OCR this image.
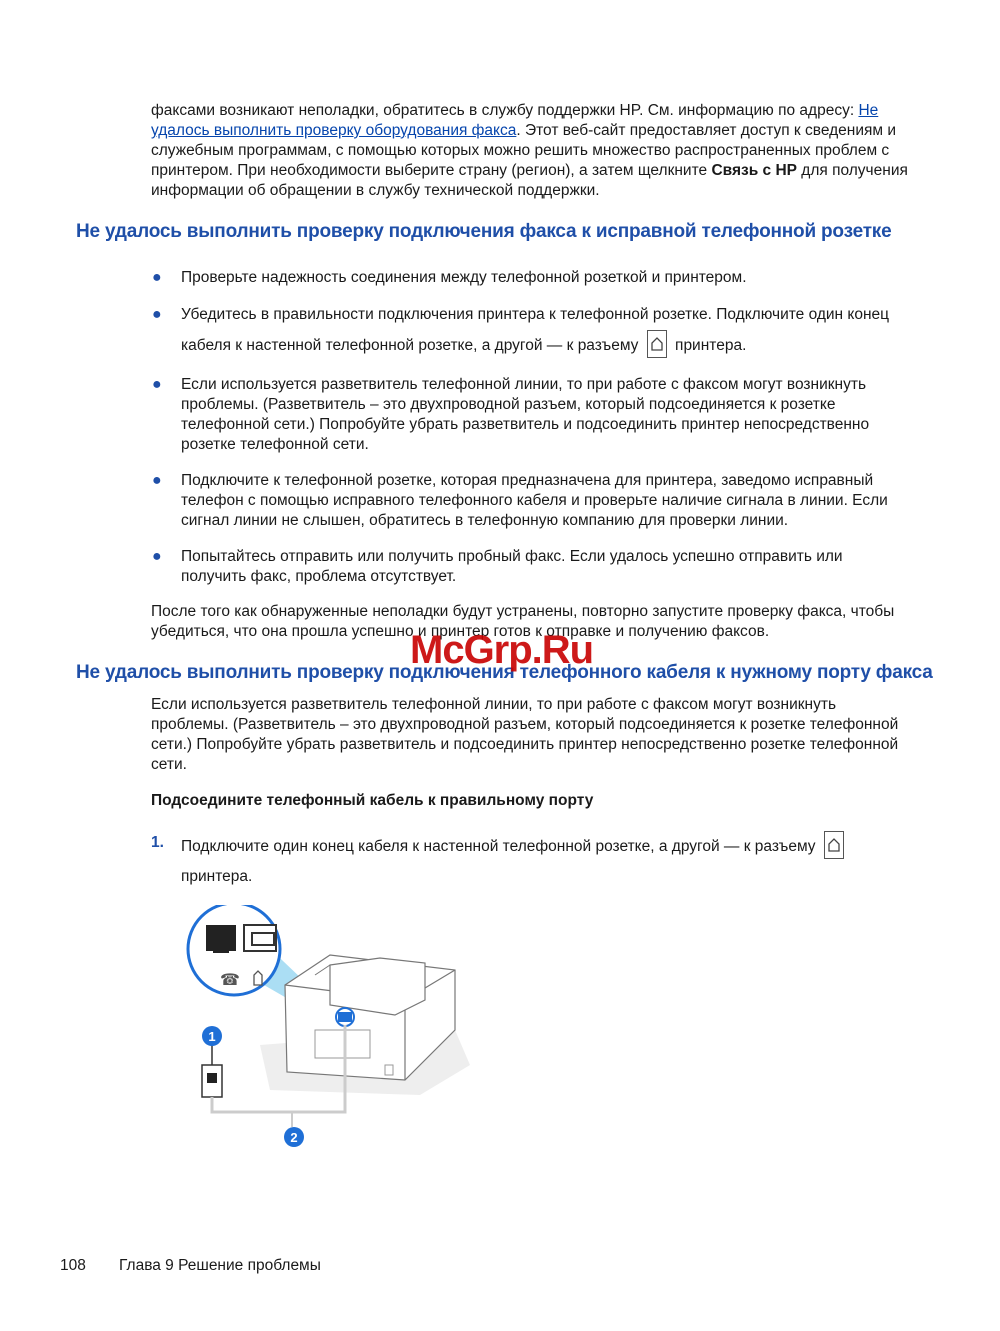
факсами возникают неполадки, обратитесь в службу поддержки HP. См. информацию по адресу: Не
удалось выполнить проверку оборудования факса. Этот веб-сайт предоставляет доступ к сведениям и
служебным программам, с помощью которых можно решить множество распространенных проблем с
принтером. При необходимости выберите страну (регион), а затем щелкните Связь с HP для получения
информации об обращении в службу технической поддержки.
Не удалось выполнить проверку подключения факса к исправной телефонной розетке
● Проверьте надежность соединения между телефонной розеткой и принтером.
● Убедитесь в правильности подключения принтера к телефонной розетке. Подключите один конец
кабеля к настенной телефонной розетке, а другой — к разъему принтера.
● Если используется разветвитель телефонной линии, то при работе с факсом могут возникнуть проблемы. (Разветвитель – это двухпроводной разъем, который подсоединяется к розетке телефонной сети.) Попробуйте убрать разветвитель и подсоединить принтер непосредственно розетке телефонной сети.
● Подключите к телефонной розетке, которая предназначена для принтера, заведомо исправный телефон с помощью исправного телефонного кабеля и проверьте наличие сигнала в линии. Если сигнал линии не слышен, обратитесь в телефонную компанию для проверки линии.
● Попытайтесь отправить или получить пробный факс. Если удалось успешно отправить или получить факс, проблема отсутствует.
После того как обнаруженные неполадки будут устранены, повторно запустите проверку факса, чтобы убедиться, что она прошла успешно и принтер готов к отправке и получению факсов.
Не удалось выполнить проверку подключения телефонного кабеля к нужному порту факса
McGrp.Ru
Если используется разветвитель телефонной линии, то при работе с факсом могут возникнуть проблемы. (Разветвитель – это двухпроводной разъем, который подсоединяется к розетке телефонной сети.) Попробуйте убрать разветвитель и подсоединить принтер непосредственно розетке телефонной сети.
Подсоедините телефонный кабель к правильному порту
1. Подключите один конец кабеля к настенной телефонной розетке, а другой — к разъему
принтера.
☎
1
2
108 Глава 9 Решение проблемы
